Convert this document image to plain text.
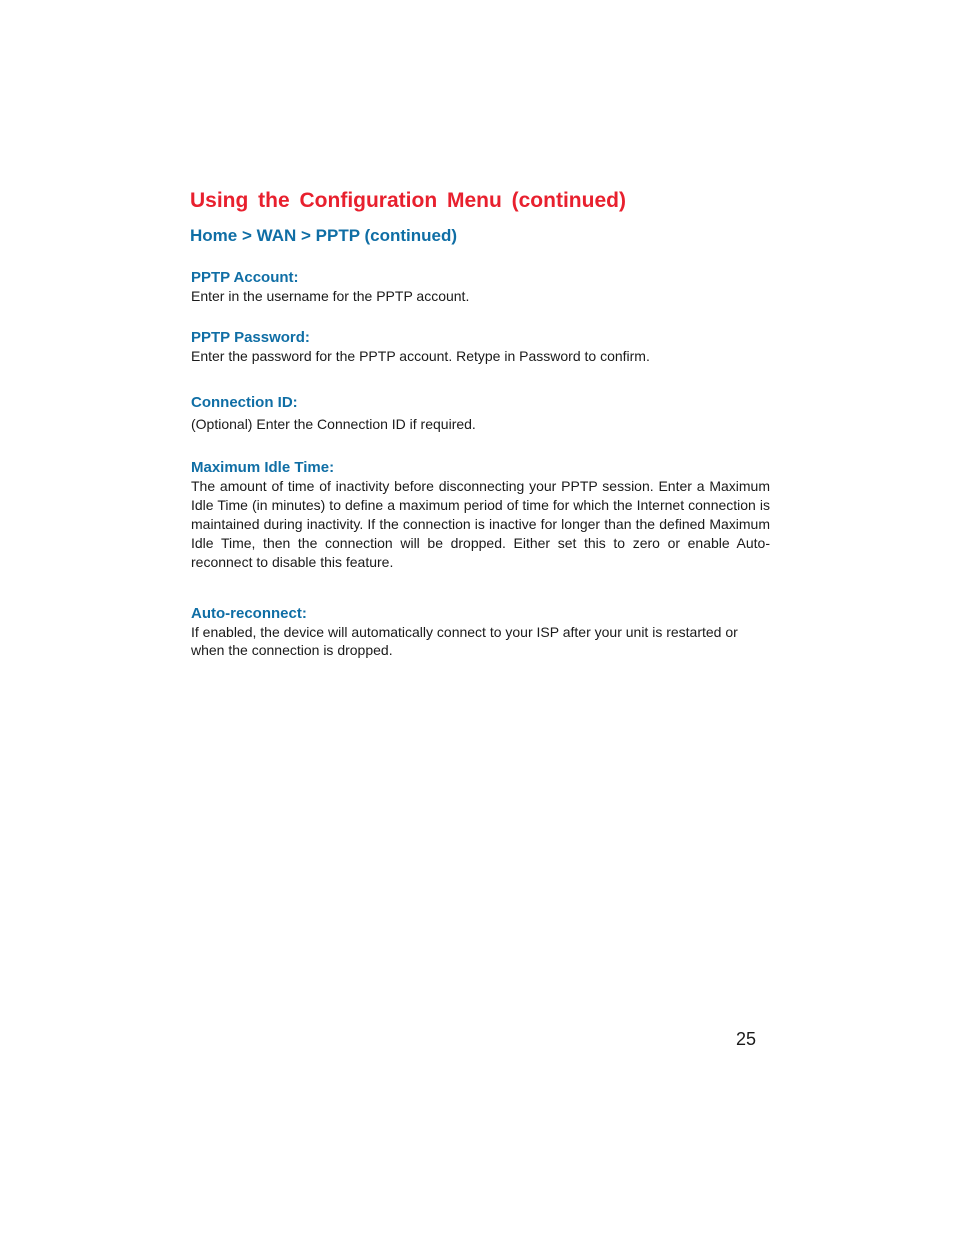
Using the Configuration Menu (continued)
Home > WAN > PPTP (continued)
PPTP Account:

Enter in the username for the PPTP account.

PPTP Password:

Enter the password for the PPTP account. Retype in Password to confirm.

Connection ID:

(Optional) Enter the Connection ID if required.

Maximum Idle Time:

The amount of time of inactivity before disconnecting your PPTP session. Enter a Maximum Idle Time (in minutes) to define a maximum period of time for which the Internet connection is maintained during inactivity. If the connection is inactive for longer than the defined Maximum Idle Time, then the connection will be dropped. Either set this to zero or enable Auto-reconnect to disable this feature.

Auto-reconnect:

If enabled, the device will automatically connect to your ISP after your unit is restarted or when the connection is dropped.

25
